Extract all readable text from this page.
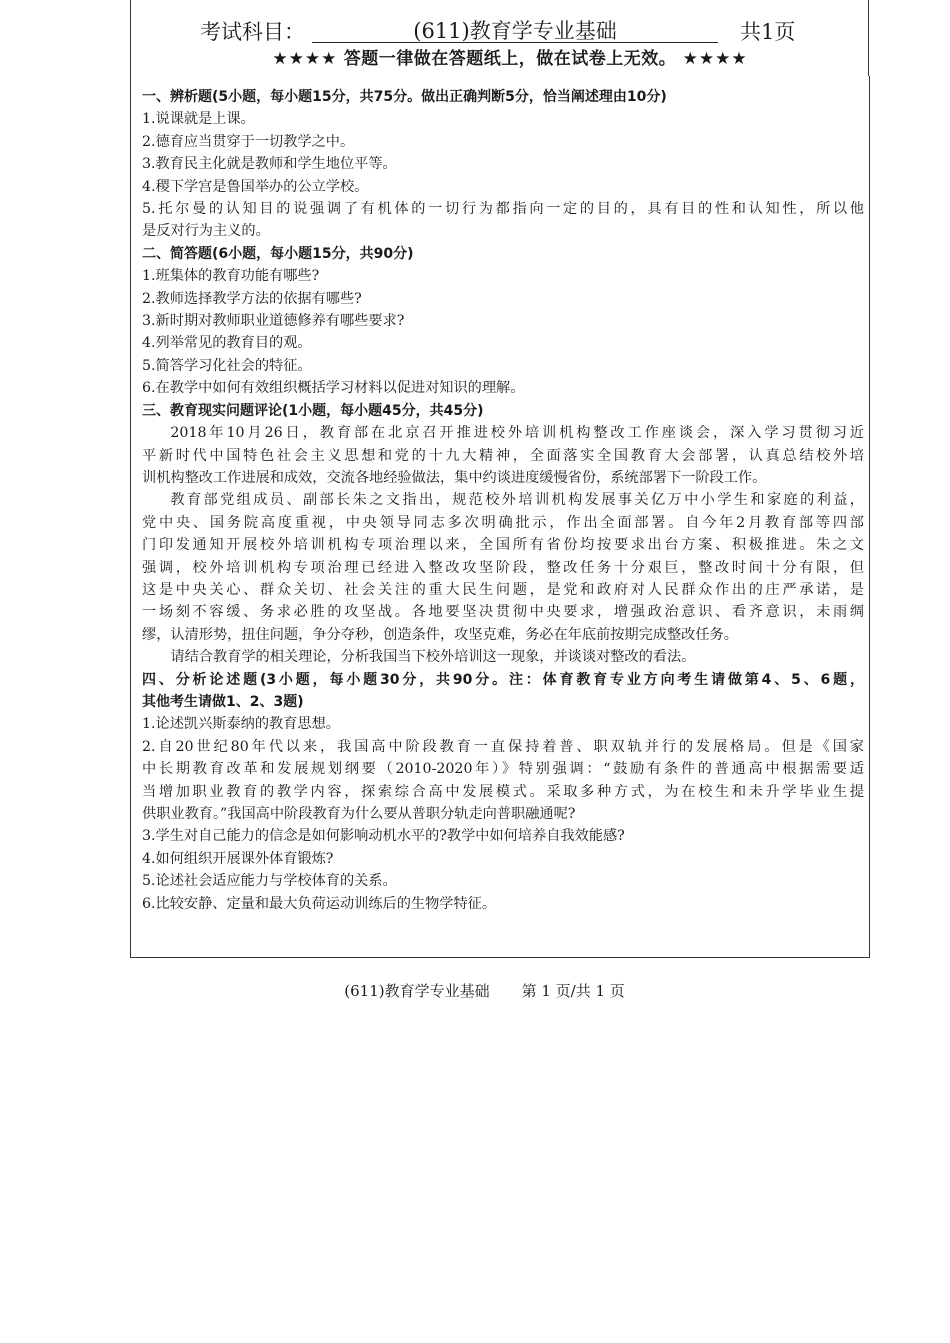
考试科目：	(611)教育学专业基础	共1页
★★★★ 答题一律做在答题纸上，做在试卷上无效。 ★★★★

一、辨析题(5小题，每小题15分，共75分。做出正确判断5分，恰当阐述理由10分)

1.说课就是上课。

2.德育应当贯穿于一切教学之中。

3.教育民主化就是教师和学生地位平等。

4.稷下学宫是鲁国举办的公立学校。

5.托尔曼的认知目的说强调了有机体的一切行为都指向一定的目的，具有目的性和认知性，所以他

是反对行为主义的。

二、简答题(6小题，每小题15分，共90分)

1.班集体的教育功能有哪些?

2.教师选择教学方法的依据有哪些?

3.新时期对教师职业道德修养有哪些要求?

4.列举常见的教育目的观。

5.简答学习化社会的特征。

6.在教学中如何有效组织概括学习材料以促进对知识的理解。

三、教育现实问题评论(1小题，每小题45分，共45分)

2018年10月26日，教育部在北京召开推进校外培训机构整改工作座谈会，深入学习贯彻习近

平新时代中国特色社会主义思想和党的十九大精神，全面落实全国教育大会部署，认真总结校外培

训机构整改工作进展和成效，交流各地经验做法，集中约谈进度缓慢省份，系统部署下一阶段工作。

教育部党组成员、副部长朱之文指出，规范校外培训机构发展事关亿万中小学生和家庭的利益，

党中央、国务院高度重视，中央领导同志多次明确批示，作出全面部署。自今年2月教育部等四部

门印发通知开展校外培训机构专项治理以来，全国所有省份均按要求出台方案、积极推进。朱之文

强调，校外培训机构专项治理已经进入整改攻坚阶段，整改任务十分艰巨，整改时间十分有限，但

这是中央关心、群众关切、社会关注的重大民生问题，是党和政府对人民群众作出的庄严承诺，是

一场刻不容缓、务求必胜的攻坚战。各地要坚决贯彻中央要求，增强政治意识、看齐意识，未雨绸

缪，认清形势，扭住问题，争分夺秒，创造条件，攻坚克难，务必在年底前按期完成整改任务。

请结合教育学的相关理论，分析我国当下校外培训这一现象，并谈谈对整改的看法。

四、分析论述题(3小题，每小题30分，共90分。注：体育教育专业方向考生请做第4、5、6题，

其他考生请做1、2、3题)

1.论述凯兴斯泰纳的教育思想。

2.自20世纪80年代以来，我国高中阶段教育一直保持着普、职双轨并行的发展格局。但是《国家

中长期教育改革和发展规划纲要（2010-2020年）》特别强调：“鼓励有条件的普通高中根据需要适

当增加职业教育的教学内容，探索综合高中发展模式。采取多种方式，为在校生和未升学毕业生提

供职业教育。”我国高中阶段教育为什么要从普职分轨走向普职融通呢?

3.学生对自己能力的信念是如何影响动机水平的?教学中如何培养自我效能感?

4.如何组织开展课外体育锻炼?

5.论述社会适应能力与学校体育的关系。

6.比较安静、定量和最大负荷运动训练后的生物学特征。

(611)教育学专业基础 第 1 页/共 1 页
